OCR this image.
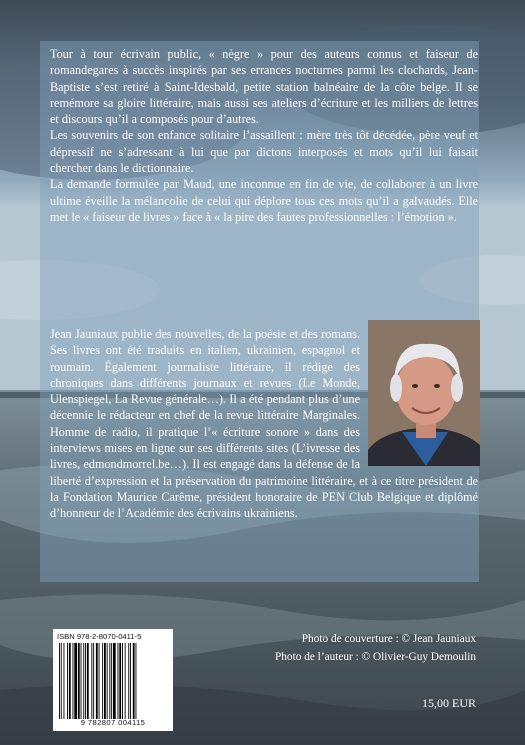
Tour à tour écrivain public, « nègre » pour des auteurs connus et faiseur de romandegares à succès inspirés par ses errances nocturnes parmi les clochards, Jean-Baptiste s’est retiré à Saint-Idesbald, petite station balnéaire de la côte belge. Il se remémore sa gloire littéraire, mais aussi ses ateliers d’écriture et les milliers de lettres et discours qu’il a composés pour d’autres.

Les souvenirs de son enfance solitaire l’assaillent : mère très tôt décédée, père veuf et dépressif ne s’adressant à lui que par dictons interposés et mots qu’il lui faisait chercher dans le dictionnaire.

La demande formulée par Maud, une inconnue en fin de vie, de collaborer à un livre ultime éveille la mélancolie de celui qui déplore tous ces mots qu’il a galvaudés. Elle met le « faiseur de livres » face à « la pire des fautes professionnelles : l’émotion ».

Jean Jauniaux publie des nouvelles, de la poésie et des romans. Ses livres ont été traduits en italien, ukrainien, espagnol et roumain. Également journaliste littéraire, il rédige des chroniques dans différents journaux et revues (Le Monde, Ulenspiegel, La Revue générale…). Il a été pendant plus d’une décennie le rédacteur en chef de la revue littéraire Marginales. Homme de radio, il pratique l’« écriture sonore » dans des interviews mises en ligne sur ses différents sites (L’ivresse des livres, edmondmorrel.be…). Il est engagé dans la défense de la liberté d’expression et la préservation du patrimoine littéraire, et à ce titre président de la Fondation Maurice Carême, président honoraire de PEN Club Belgique et diplômé d’honneur de l’Académie des écrivains ukrainiens.
Photo de couverture : © Jean Jauniaux
Photo de l’auteur : © Olivier-Guy Demoulin
ISBN 978-2-8070-0411-5
9 782807 004115
15,00 EUR
